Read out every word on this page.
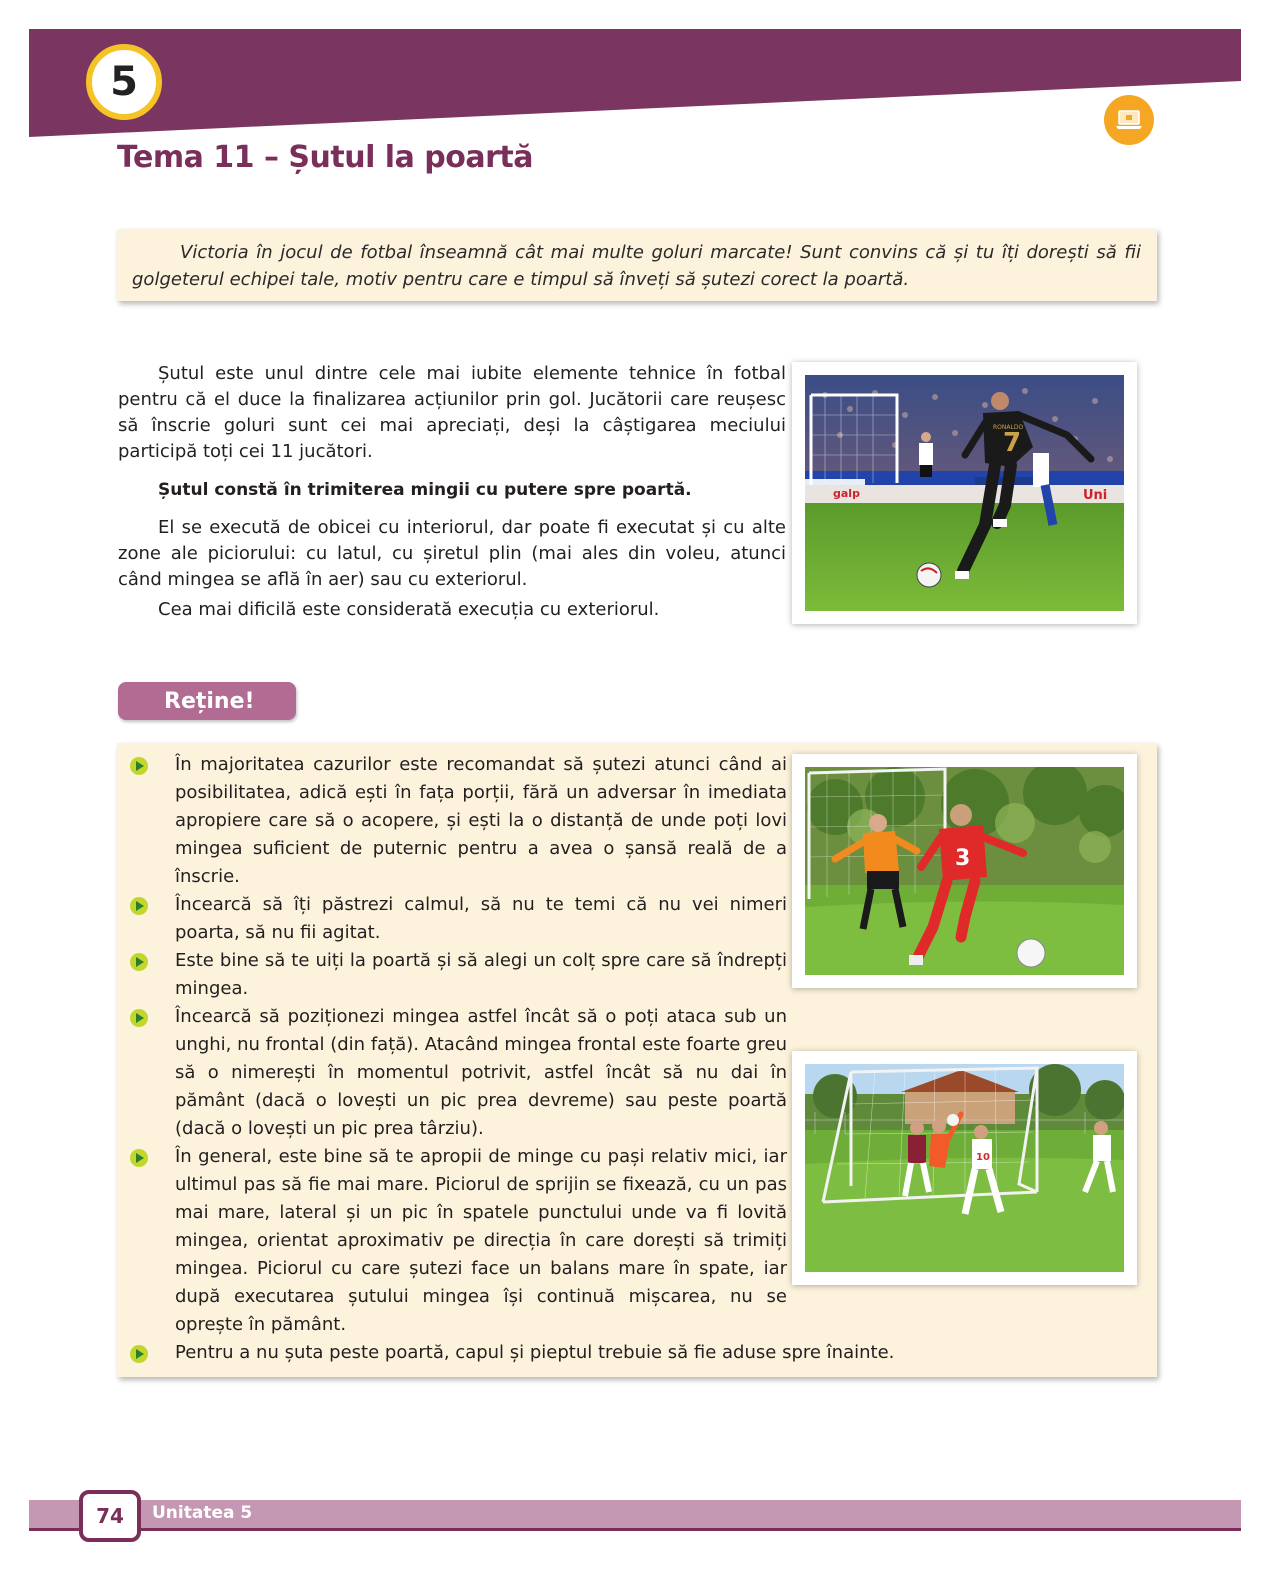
5
Tema 11 – Șutul la poartă

Victoria în jocul de fotbal înseamnă cât mai multe goluri marcate! Sunt convins că și tu îți dorești să fii golgeterul echipei tale, motiv pentru care e timpul să înveți să șutezi corect la poartă.

Șutul este unul dintre cele mai iubite elemente tehnice în fotbal pentru că el duce la finalizarea acțiunilor prin gol. Jucătorii care reușesc să înscrie goluri sunt cei mai apreciați, deși la câștigarea meciului participă toți cei 11 jucători.

Șutul constă în trimiterea mingii cu putere spre poartă.

El se execută de obicei cu interiorul, dar poate fi executat și cu alte zone ale piciorului: cu latul, cu șiretul plin (mai ales din voleu, atunci când mingea se află în aer) sau cu exteriorul.

Cea mai dificilă este considerată execuția cu exteriorul.

galp	Uni
7
RONALDO
Reține!
În majoritatea cazurilor este recomandat să șutezi atunci când ai posibilitatea, adică ești în fața porții, fără un adversar în imediata apropiere care să o acopere, și ești la o distanță de unde poți lovi mingea suficient de puternic pentru a avea o șansă reală de a înscrie.
Încearcă să îți păstrezi calmul, să nu te temi că nu vei nimeri poarta, să nu fii agitat.
Este bine să te uiți la poartă și să alegi un colț spre care să îndrepți mingea.
Încearcă să poziționezi mingea astfel încât să o poți ataca sub un unghi, nu frontal (din față). Atacând mingea frontal este foarte greu să o nimerești în momentul potrivit, astfel încât să nu dai în pământ (dacă o lovești un pic prea devreme) sau peste poartă (dacă o lovești un pic prea târziu).
În general, este bine să te apropii de minge cu pași relativ mici, iar ultimul pas să fie mai mare. Piciorul de sprijin se fixează, cu un pas mai mare, lateral și un pic în spatele punctului unde va fi lovită mingea, orientat aproximativ pe direcția în care dorești să trimiți mingea. Piciorul cu care șutezi face un balans mare în spate, iar după executarea șutului mingea își continuă mișcarea, nu se oprește în pământ.
Pentru a nu șuta peste poartă, capul și pieptul trebuie să fie aduse spre înainte.
3
10
Unitatea 5
74
